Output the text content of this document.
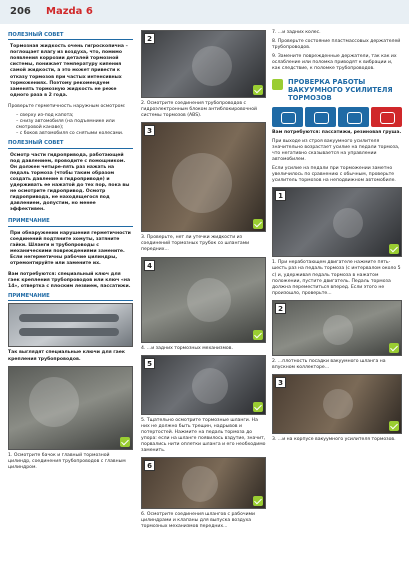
206 Mazda 6
ПОЛЕЗНЫЙ СОВЕТ
Тормозная жидкость очень гигроскопична – поглощает влагу из воздуха, что, помимо появления коррозии деталей тормозной системы, понижает температуру кипения самой жидкости, а это может привести к отказу тормозов при частых интенсивных торможениях. Поэтому рекомендуем заменять тормозную жидкость не реже одного раза в 2 года.
Проверьте герметичность наружным осмотром:
– сверху из-под капота;
– снизу автомобиля (на подъемнике или смотровой канаве);
– с боков автомобиля со снятыми колесами.
ПОЛЕЗНЫЙ СОВЕТ
Осмотр части гидропривода, работающей под давлением, проводите с помощником. Он должен четыре-пять раз нажать на педаль тормоза (чтобы таким образом создать давление в гидроприводе) и удерживать ее нажатой до тех пор, пока вы не осмотрите гидропривод. Осмотр гидропривода, не находящегося под давлением, допустим, но менее эффективен.
ПРИМЕЧАНИЕ
При обнаружении нарушения герметичности соединений подтяните хомуты, затяните гайки. Шланги и трубопроводы с механическими повреждениями замените. Если негерметичны рабочие цилиндры, отремонтируйте или замените их.
Вам потребуются: специальный ключ для гаек крепления трубопроводов или ключ «на 14», отвертка с плоским лезвием, пассатижи.
ПРИМЕЧАНИЕ
Так выглядят специальные ключи для гаек крепления трубопроводов.
1. Осмотрите бачок и главный тормозной цилиндр, соединения трубопроводов с главным цилиндром.
2
2. Осмотрите соединения трубопроводов с гидроэлектронным блоком антиблокировочной системы тормозов (ABS).
3
3. Проверьте, нет ли утечки жидкости из соединений тормозных трубок со шлангами передних...
4
4. ...и задних тормозных механизмов.
5
5. Тщательно осмотрите тормозные шланги. На них не должно быть трещин, надрывов и потертостей. Нажмите на педаль тормоза до упора: если на шланге появилось вздутие, значит, порвались нити оплетки шланга и его необходимо заменить.
6
6. Осмотрите соединения шлангов с рабочими цилиндрами и клапаны для выпуска воздуха тормозных механизмов передних...
7. ...и задних колес.
8. Проверьте состояние пластмассовых держателей трубопроводов.
9. Замените поврежденные держатели, так как их ослабление или поломка приводят к вибрации и, как следствие, к поломке трубопроводов.
ПРОВЕРКА РАБОТЫ ВАКУУМНОГО УСИЛИТЕЛЯ ТОРМОЗОВ
Вам потребуются: пассатижи, резиновая груша.
При выходе из строя вакуумного усилителя значительно возрастает усилие на педали тормоза, что негативно сказывается на управлении автомобилем.
Если усилие на педали при торможении заметно увеличилось по сравнению с обычным, проверьте усилитель тормозов на неподвижном автомобиле.
1
1. При неработающем двигателе нажмите пять-шесть раз на педаль тормоза (с интервалом около 5 с) и, удерживая педаль тормоза в нажатом положении, пустите двигатель. Педаль тормоза должна переместиться вперед. Если этого не произошло, проверьте...
2
2. ...плотность посадки вакуумного шланга на впускном коллекторе...
3
3. ...и на корпусе вакуумного усилителя тормозов.
